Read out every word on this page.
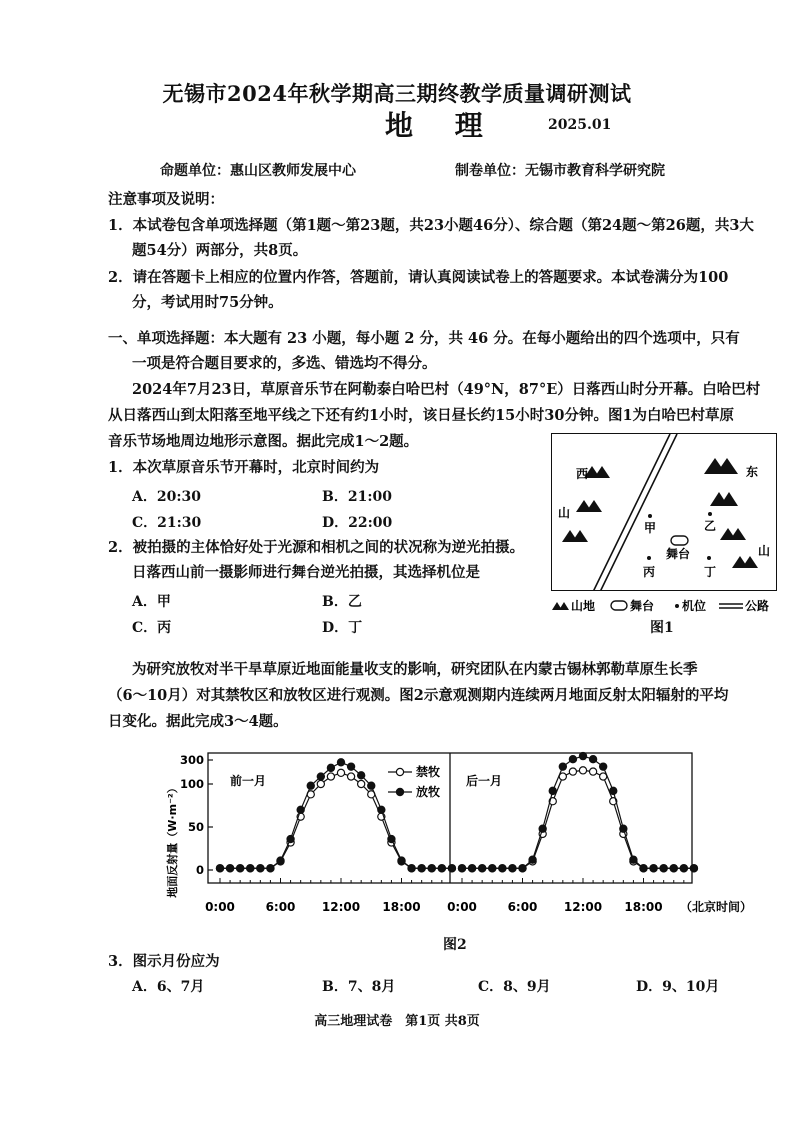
无锡市2024年秋学期高三期终教学质量调研测试
地 理	2025.01
命题单位：惠山区教师发展中心	制卷单位：无锡市教育科学研究院
注意事项及说明：
1．本试卷包含单项选择题（第1题～第23题，共23小题46分）、综合题（第24题～第26题，共3大
题54分）两部分，共8页。
2．请在答题卡上相应的位置内作答，答题前，请认真阅读试卷上的答题要求。本试卷满分为100
分，考试用时75分钟。
一、单项选择题：本大题有 23 小题，每小题 2 分，共 46 分。在每小题给出的四个选项中，只有
一项是符合题目要求的，多选、错选均不得分。
2024年7月23日，草原音乐节在阿勒泰白哈巴村（49°N，87°E）日落西山时分开幕。白哈巴村
从日落西山到太阳落至地平线之下还有约1小时，该日昼长约15小时30分钟。图1为白哈巴村草原
音乐节场地周边地形示意图。据此完成1～2题。
1．本次草原音乐节开幕时，北京时间约为
A．20:30	B．21:00
C．21:30	D．22:00
2．被拍摄的主体恰好处于光源和相机之间的状况称为逆光拍摄。
日落西山前一摄影师进行舞台逆光拍摄，其选择机位是
A．甲	B．乙
C．丙	D．丁
西
山
东
山
甲	乙
丙	丁
舞台
山地	舞台 机位	公路
图1
为研究放牧对半干旱草原近地面能量收支的影响，研究团队在内蒙古锡林郭勒草原生长季
（6～10月）对其禁牧区和放牧区进行观测。图2示意观测期内连续两月地面反射太阳辐射的平均
日变化。据此完成3～4题。
地面反射量（W·m⁻²） 0
50
100
300
前一月	后一月
禁牧
放牧
0:00	6:00 12:00 18:00 0:00	6:00 12:00 18:00 （北京时间）
图2
3．图示月份应为
A．6、7月	B．7、8月	C．8、9月	D．9、10月
高三地理试卷　第1页 共8页
